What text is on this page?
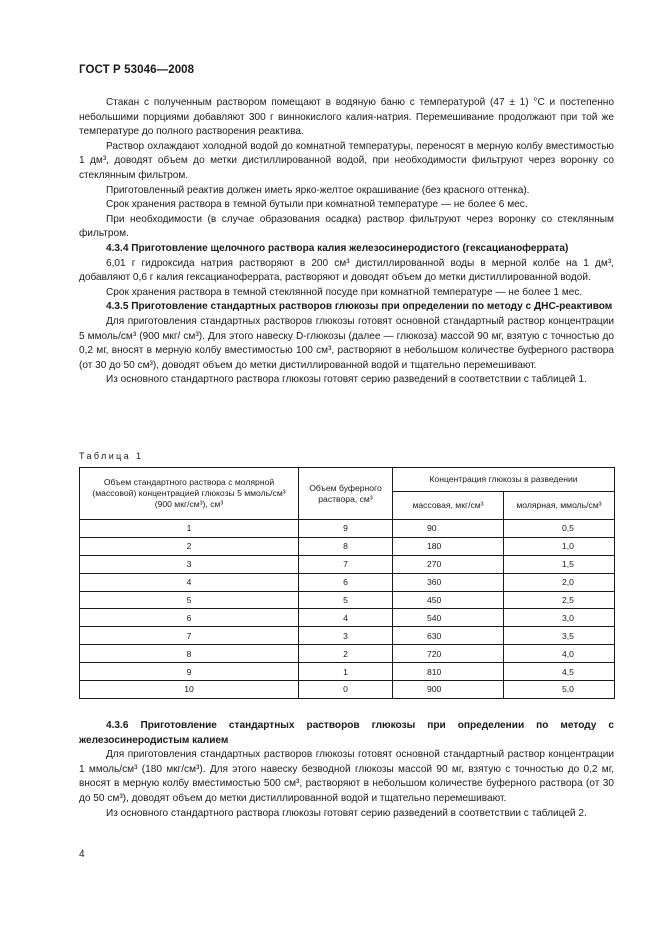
ГОСТ Р 53046—2008

Стакан с полученным раствором помещают в водяную баню с температурой (47 ± 1) °С и постепенно небольшими порциями добавляют 300 г виннокислого калия-натрия. Перемешивание продолжают при той же температуре до полного растворения реактива.

Раствор охлаждают холодной водой до комнатной температуры, переносят в мерную колбу вместимостью 1 дм³, доводят объем до метки дистиллированной водой, при необходимости фильтруют через воронку со стеклянным фильтром.

Приготовленный реактив должен иметь ярко-желтое окрашивание (без красного оттенка).

Срок хранения раствора в темной бутыли при комнатной температуре — не более 6 мес.

При необходимости (в случае образования осадка) раствор фильтруют через воронку со стеклянным фильтром.

4.3.4 Приготовление щелочного раствора калия железосинеродистого (гексацианоферрата)

6,01 г гидроксида натрия растворяют в 200 см³ дистиллированной воды в мерной колбе на 1 дм³, добавляют 0,6 г калия гексацианоферрата, растворяют и доводят объем до метки дистиллированной водой.

Срок хранения раствора в темной стеклянной посуде при комнатной температуре — не более 1 мес.

4.3.5 Приготовление стандартных растворов глюкозы при определении по методу с ДНС-реактивом

Для приготовления стандартных растворов глюкозы готовят основной стандартный раствор концентрации 5 ммоль/см³ (900 мкг/ см³). Для этого навеску D-глюкозы (далее — глюкоза) массой 90 мг, взятую с точностью до 0,2 мг, вносят в мерную колбу вместимостью 100 см³, растворяют в небольшом количестве буферного раствора (от 30 до 50 см³), доводят объем до метки дистиллированной водой и тщательно перемешивают.

Из основного стандартного раствора глюкозы готовят серию разведений в соответствии с таблицей 1.

Таблица 1
Объем стандартного раствора с молярной (массовой) концентрацией глюкозы 5 ммоль/см³ (900 мкг/см³), см³	Объем буферного раствора, см³	Концентрация глюкозы в разведении	
		массовая, мкг/см³	молярная, ммоль/см³
1	9	90	0,5
2	8	180	1,0
3	7	270	1,5
4	6	360	2,0
5	5	450	2,5
6	4	540	3,0
7	3	630	3,5
8	2	720	4,0
9	1	810	4,5
10	0	900	5,0

4.3.6 Приготовление стандартных растворов глюкозы при определении по методу с железосинеродистым калием

Для приготовления стандартных растворов глюкозы готовят основной стандартный раствор концентрации 1 ммоль/см³ (180 мкг/см³). Для этого навеску безводной глюкозы массой 90 мг, взятую с точностью до 0,2 мг, вносят в мерную колбу вместимостью 500 см³, растворяют в небольшом количестве буферного раствора (от 30 до 50 см³), доводят объем до метки дистиллированной водой и тщательно перемешивают.

Из основного стандартного раствора глюкозы готовят серию разведений в соответствии с таблицей 2.

4
